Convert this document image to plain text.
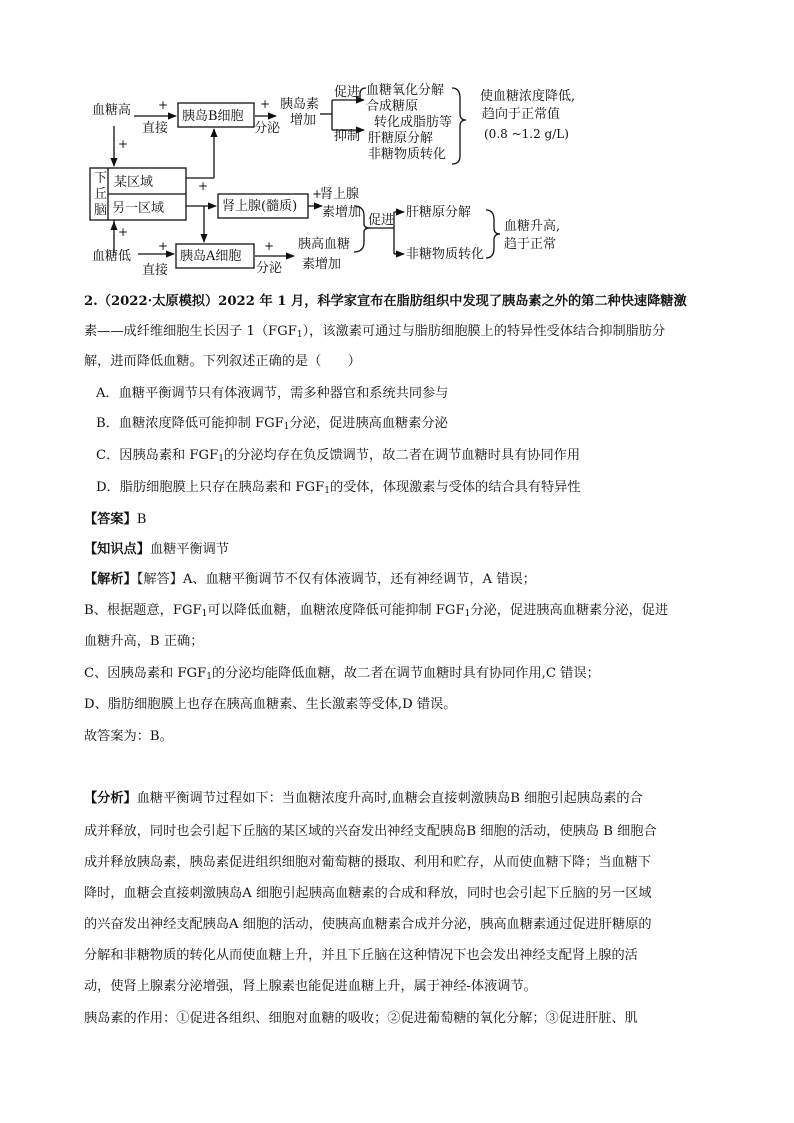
血糖高 +
直接
胰岛B细胞
+
分泌
胰岛素
增加
促进
抑制
血糖氧化分解
合成糖原
转化成脂肪等
肝糖原分解
非糖物质转化
使血糖浓度降低,
趋向于正常值
(0.8 ~1.2 g/L)
+
下
丘
脑
某区域
另一区域
+
肾上腺(髓质)
+
肾上腺
素增加
促进
肝糖原分解
非糖物质转化
血糖升高,
趋于正常
+
血糖低
+
直接
胰岛A细胞
+
分泌
胰高血糖
素增加
2.（2022·太原模拟）2022 年 1 月，科学家宣布在脂肪组织中发现了胰岛素之外的第二种快速降糖激
素——成纤维细胞生长因子 $1(FGF_1)$，该激素可通过与脂肪细胞膜上的特异性受体结合抑制脂肪分
解，进而降低血糖。下列叙述正确的是（　　）
A．血糖平衡调节只有体液调节，需多种器官和系统共同参与
B．血糖浓度降低可能抑制 $FGF_1$分泌，促进胰高血糖素分泌
C．因胰岛素和 $FGF_1$的分泌均存在负反馈调节，故二者在调节血糖时具有协同作用
D．脂肪细胞膜上只存在胰岛素和 $FGF_1$的受体，体现激素与受体的结合具有特异性
【答案】B
【知识点】血糖平衡调节
【解析】【解答】A、血糖平衡调节不仅有体液调节，还有神经调节，A 错误；
B、根据题意，$FGF_1$可以降低血糖，血糖浓度降低可能抑制 $FGF_1$分泌，促进胰高血糖素分泌，促进
血糖升高，B 正确；
C、因胰岛素和 $FGF_1$的分泌均能降低血糖，故二者在调节血糖时具有协同作用,C 错误；
D、脂肪细胞膜上也存在胰高血糖素、生长激素等受体,D 错误。
故答案为：B。
【分析】血糖平衡调节过程如下：当血糖浓度升高时,血糖会直接刺激胰岛B 细胞引起胰岛素的合
成并释放，同时也会引起下丘脑的某区域的兴奋发出神经支配胰岛B 细胞的活动，使胰岛 B 细胞合
成并释放胰岛素，胰岛素促进组织细胞对葡萄糖的摄取、利用和贮存，从而使血糖下降；当血糖下
降时，血糖会直接刺激胰岛A 细胞引起胰高血糖素的合成和释放，同时也会引起下丘脑的另一区域
的兴奋发出神经支配胰岛A 细胞的活动，使胰高血糖素合成并分泌，胰高血糖素通过促进肝糖原的
分解和非糖物质的转化从而使血糖上升，并且下丘脑在这种情况下也会发出神经支配肾上腺的活
动，使肾上腺素分泌增强，肾上腺素也能促进血糖上升，属于神经-体液调节。
胰岛素的作用：①促进各组织、细胞对血糖的吸收；②促进葡萄糖的氧化分解；③促进肝脏、肌
